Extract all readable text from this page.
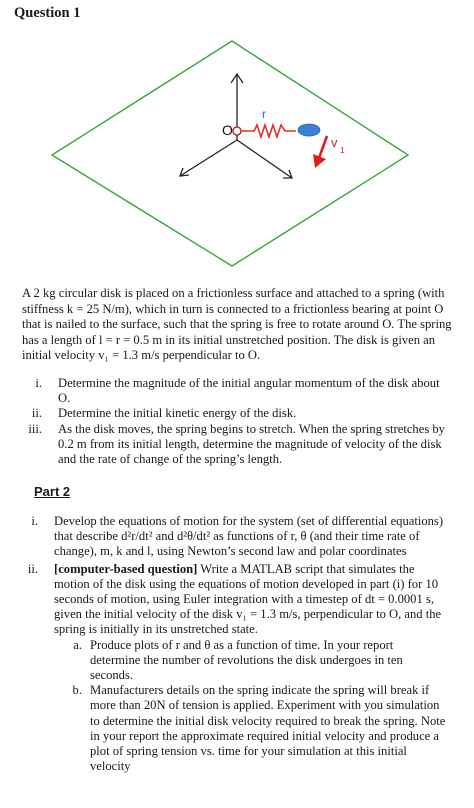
Question 1
O
r
v 1
A 2 kg circular disk is placed on a frictionless surface and attached to a spring (with stiffness k = 25 N/m), which in turn is connected to a frictionless bearing at point O that is nailed to the surface, such that the spring is free to rotate around O. The spring has a length of l = r = 0.5 m in its initial unstretched position. The disk is given an initial velocity v₁ = 1.3 m/s perpendicular to O.
i. Determine the magnitude of the initial angular momentum of the disk about O.
ii. Determine the initial kinetic energy of the disk.
iii. As the disk moves, the spring begins to stretch. When the spring stretches by 0.2 m from its initial length, determine the magnitude of velocity of the disk and the rate of change of the spring’s length.
Part 2
i. Develop the equations of motion for the system (set of differential equations) that describe d²r/dt² and d²θ/dt² as functions of r, θ (and their time rate of change), m, k and l, using Newton’s second law and polar coordinates
ii. [computer-based question] Write a MATLAB script that simulates the motion of the disk using the equations of motion developed in part (i) for 10 seconds of motion, using Euler integration with a timestep of dt = 0.0001 s, given the initial velocity of the disk v₁ = 1.3 m/s, perpendicular to O, and the spring is initially in its unstretched state.
a. Produce plots of r and θ as a function of time. In your report determine the number of revolutions the disk undergoes in ten seconds.
b. Manufacturers details on the spring indicate the spring will break if more than 20N of tension is applied. Experiment with you simulation to determine the initial disk velocity required to break the spring. Note in your report the approximate required initial velocity and produce a plot of spring tension vs. time for your simulation at this initial velocity
